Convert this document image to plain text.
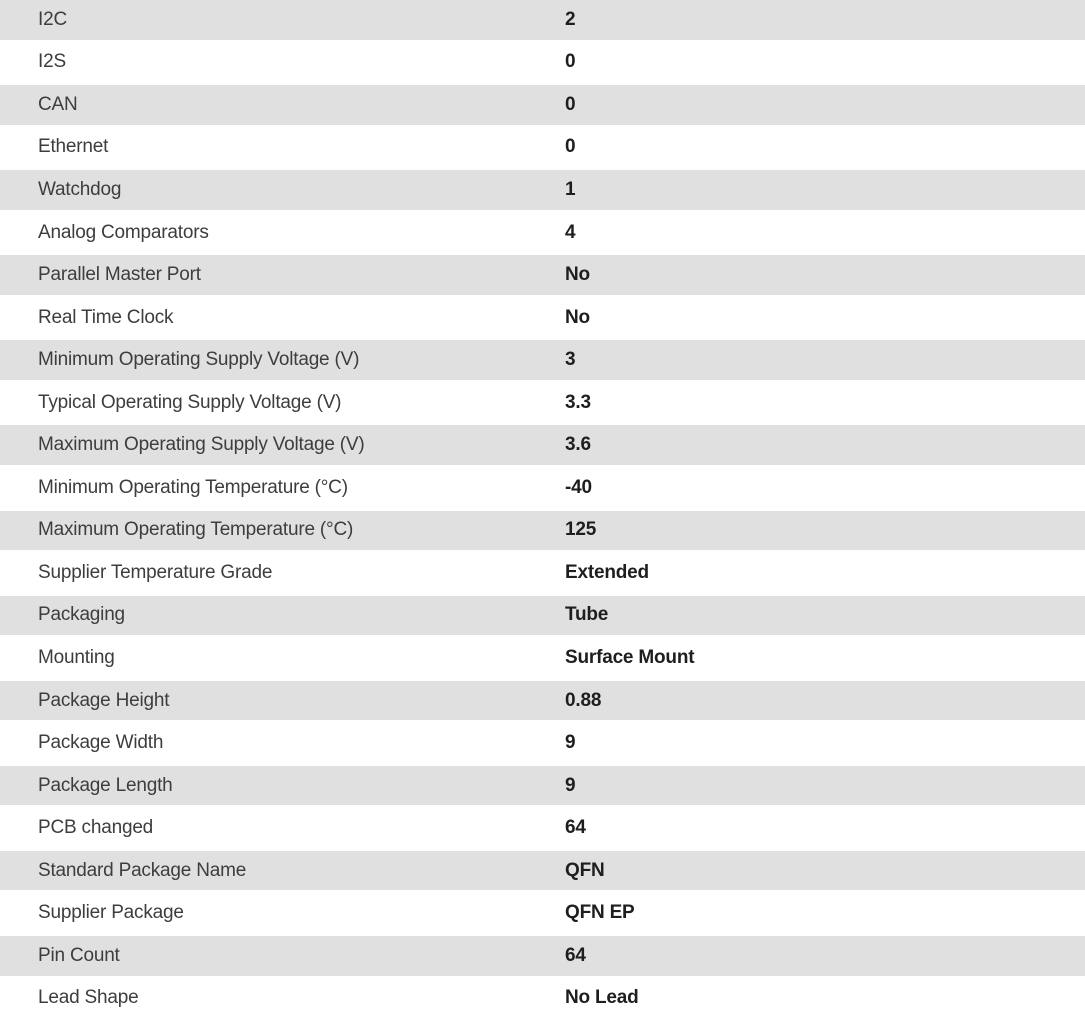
I2C	2
I2S	0
CAN	0
Ethernet	0
Watchdog	1
Analog Comparators	4
Parallel Master Port	No
Real Time Clock	No
Minimum Operating Supply Voltage (V)	3
Typical Operating Supply Voltage (V)	3.3
Maximum Operating Supply Voltage (V)	3.6
Minimum Operating Temperature (°C)	-40
Maximum Operating Temperature (°C)	125
Supplier Temperature Grade	Extended
Packaging	Tube
Mounting	Surface Mount
Package Height	0.88
Package Width	9
Package Length	9
PCB changed	64
Standard Package Name	QFN
Supplier Package	QFN EP
Pin Count	64
Lead Shape	No Lead
